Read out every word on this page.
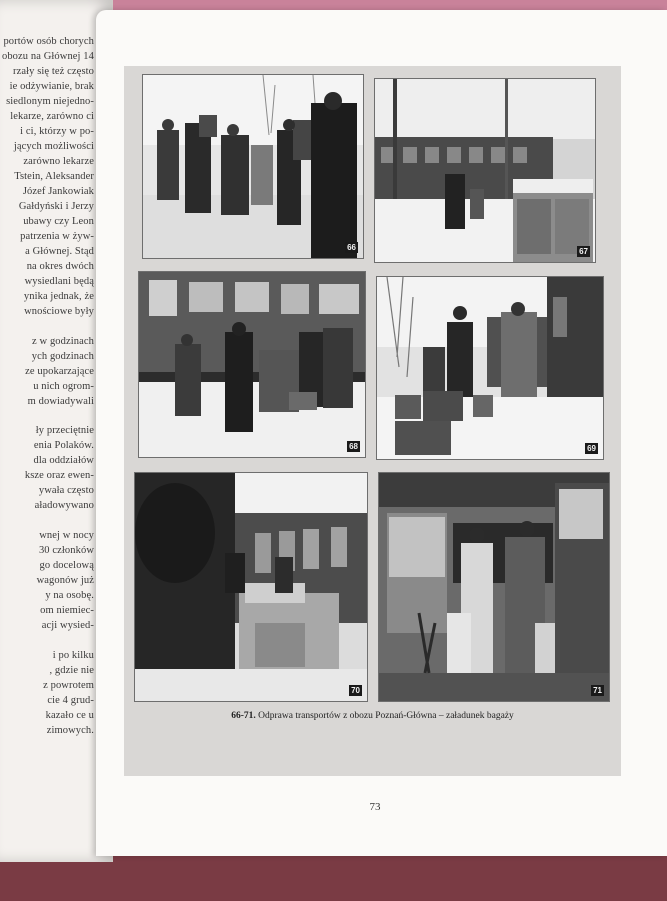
portów osób chorych
obozu na Głównej 14
rzały się też często
ie odżywianie, brak
siedlonym niejedno-
lekarze, zarówno ci
i ci, którzy w po-
jących możliwości
zarówno lekarze
Tstein, Aleksander
Józef Jankowiak
Gałdyński i Jerzy
ubawy czy Leon
patrzenia w żyw-
a Głównej. Stąd
na okres dwóch
wysiedlani będą
ynika jednak, że
wnościowe były
z w godzinach
ych godzinach
ze upokarzające
u nich ogrom-
m dowiadywali
ły przeciętnie
enia Polaków.
dla oddziałów
ksze oraz ewen-
ywała często
aładowywano
wnej w nocy
30 członków
go docelową
wagonów już
y na osobę.
om niemiec-
acji wysied-
i po kilku
, gdzie nie
z powrotem
cie 4 grud-
kazało ce u
zimowych.
66	67
68	69
70	71
66-71. Odprawa transportów z obozu Poznań-Główna – załadunek bagaży
73
